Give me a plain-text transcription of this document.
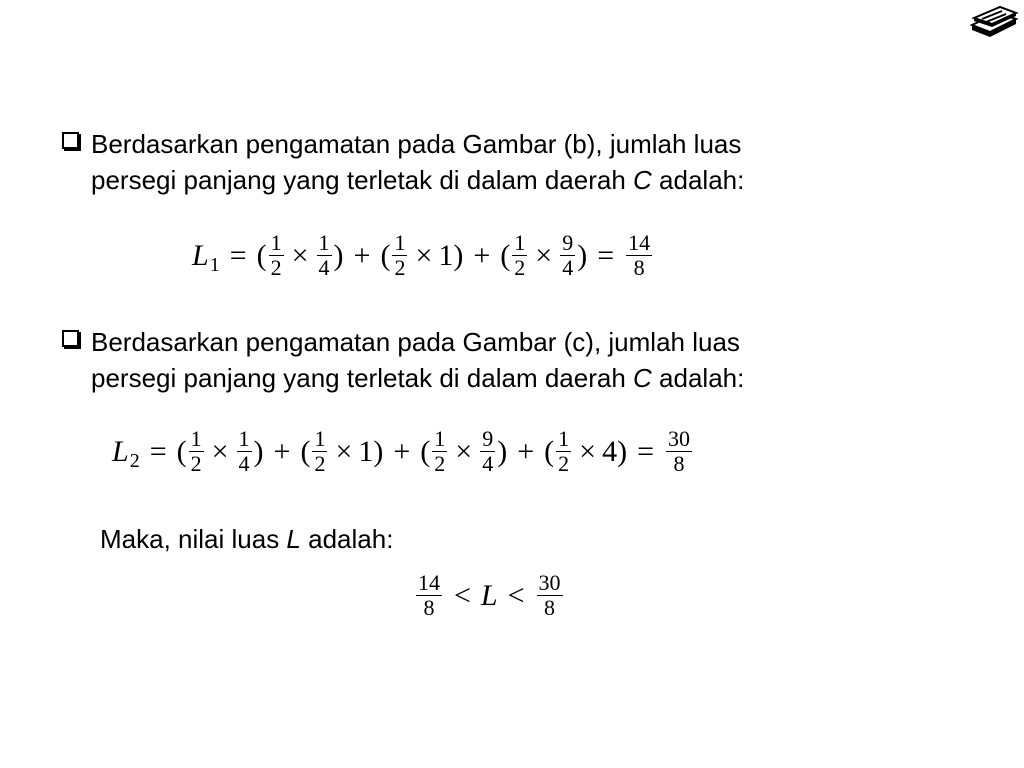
Berdasarkan pengamatan pada Gambar (b), jumlah luas
persegi panjang yang terletak di dalam daerah C adalah:
L 1 = ( $\frac{1}{2} \times \frac{1}{4}$ ) + ( $\frac{1}{2} \times 1$ ) + ( $\frac{1}{2} \times \frac{9}{4}$ ) = $\frac{14}{8}$
Berdasarkan pengamatan pada Gambar (c), jumlah luas
persegi panjang yang terletak di dalam daerah C adalah:
L 2 = ( $\frac{1}{2} \times \frac{1}{4}$ ) + ( $\frac{1}{2} \times 1$ ) + ( $\frac{1}{2} \times \frac{9}{4}$ ) + ( $\frac{1}{2} \times 4$ ) = $\frac{30}{8}$
Maka, nilai luas L adalah:
$\frac{14}{8} < L < \frac{30}{8}$
